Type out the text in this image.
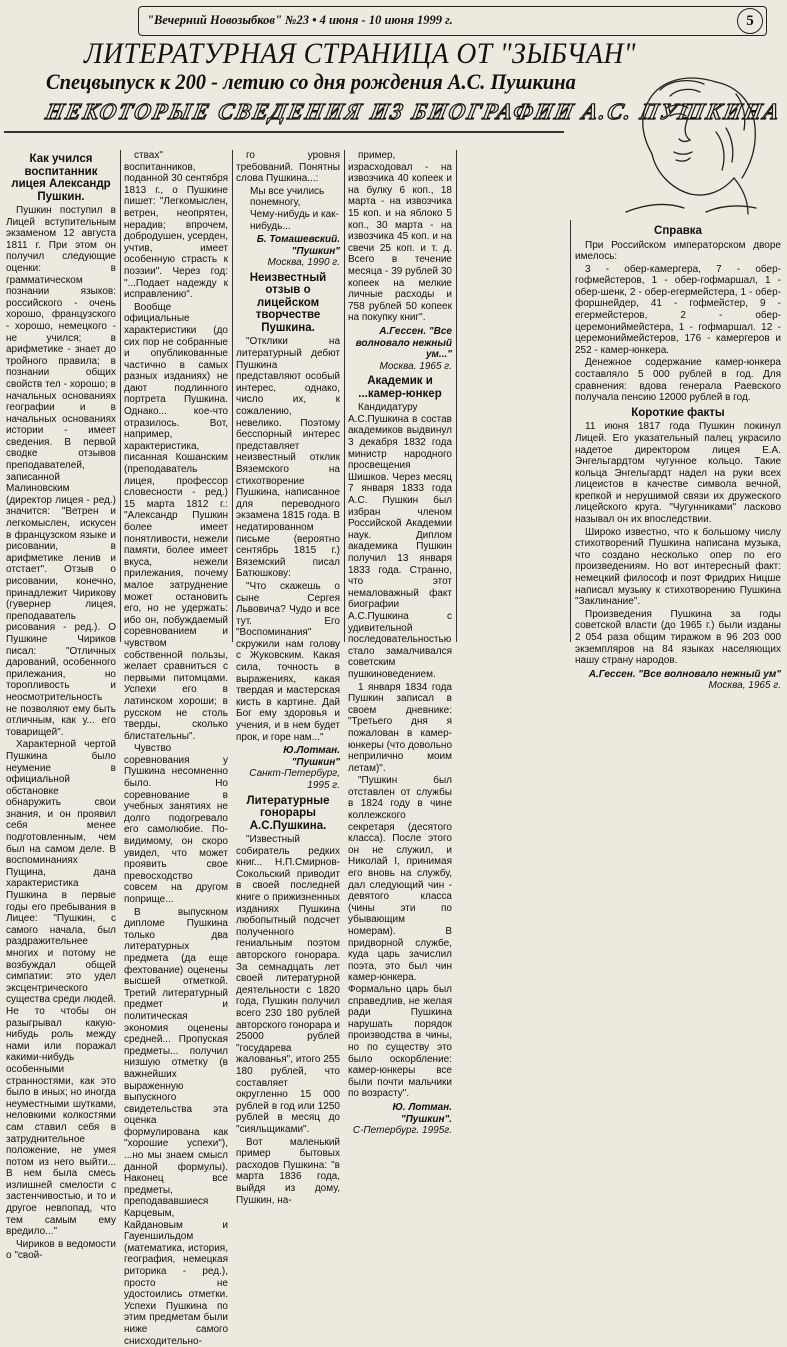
"Вечерний Новозыбков" №23 • 4 июня - 10 июня 1999 г.	5
ЛИТЕРАТУРНАЯ СТРАНИЦА ОТ "ЗЫБЧАН"
Спецвыпуск к 200 - летию со дня рождения А.С. Пушкина
НЕКОТОРЫЕ СВЕДЕНИЯ ИЗ БИОГРАФИИ А.С. ПУШКИНА
Как учился воспитанник лицея Александр Пушкин.

Пушкин поступил в Лицей вступительным экзаменом 12 августа 1811 г. При этом он получил следующие оценки: в грамматическом познании языков: российского - очень хорошо, французского - хорошо, немецкого - не учился; в арифметике - знает до тройного правила; в познании общих свойств тел - хорошо; в начальных основаниях географии и в начальных основаниях истории - имеет сведения. В первой сводке отзывов преподавателей, записанной Малиновским (директор лицея - ред.) значится: "Ветрен и легкомыслен, искусен в французском языке и рисовании, в арифметике ленив и отстает". Отзыв о рисовании, конечно, принадлежит Чирикову (гувернер лицея, преподаватель рисования - ред.). О Пушкине Чириков писал: "Отличных дарований, особенного прилежания, но торопливость и неосмотрительность не позволяют ему быть отличным, как у... его товарищей".

Характерной чертой Пушкина было неумение в официальной обстановке обнаружить свои знания, и он проявил себя менее подготовленным, чем был на самом деле. В воспоминаниях Пущина, дана характеристика Пушкина в первые годы его пребывания в Лицее: "Пушкин, с самого начала, был раздражительнее многих и потому не возбуждал общей симпатии: это удел эксцентрического существа среди людей. Не то чтобы он разыгрывал какую-нибудь роль между нами или поражал какими-нибудь особенными странностями, как это было в иных; но иногда неуместными шутками, неловкими колкостями сам ставил себя в затруднительное положение, не умея потом из него выйти... В нем была смесь излишней смелости с застенчивостью, и то и другое невпопад, что тем самым ему вредило..."

Чириков в ведомости о "свой-

ствах" воспитанников, поданной 30 сентября 1813 г., о Пушкине пишет: "Легкомыслен, ветрен, неопрятен, нерадив; впрочем, добродушен, усерден, учтив, имеет особенную страсть к поэзии". Через год: "...Подает надежду к исправлению".

Вообще официальные характеристики (до сих пор не собранные и опубликованные частично в самых разных изданиях) не дают подлинного портрета Пушкина. Однако... кое-что отразилось. Вот, например, характеристика, писанная Кошанским (преподаватель лицея, профессор словесности - ред.) 15 марта 1812 г.: "Александр Пушкин более имеет понятливости, нежели памяти, более имеет вкуса, нежели прилежания, почему малое затруднение может остановить его, но не удержать: ибо он, побуждаемый соревнованием и чувством собственной пользы, желает сравниться с первыми питомцами. Успехи его в латинском хороши; в русском не столь тверды, сколько блистательны".

Чувство соревнования у Пушкина несомненно было. Но соревнование в учебных занятиях не долго подогревало его самолюбие. По-видимому, он скоро увидел, что может проявить свое превосходство совсем на другом поприще...

В выпускном дипломе Пушкина только два литературных предмета (да еще фехтование) оценены высшей отметкой. Третий литературный предмет и политическая экономия оценены средней... Пропуская предметы... получил низшую отметку (в важнейших выраженную выпускного свидетельства эта оценка формулирована как "хорошие успехи"), ...но мы знаем смысл данной формулы). Наконец все предметы, преподававшиеся Карцевым, Кайдановым и Гауеншильдом (математика, история, география, немецкая риторика - ред.), просто не удостоились отметки. Успехи Пушкина по этим предметам были ниже самого снисходительно-

го уровня требований. Понятны слова Пушкина...:

Мы все учились понемногу,
Чему-нибудь и как-нибудь...
Б. Томашевский. "Пушкин"
Москва, 1990 г.
Неизвестный отзыв о лицейском творчестве Пушкина.

"Отклики на литературный дебют Пушкина представляют особый интерес, однако, число их, к сожалению, невелико. Поэтому бесспорный интерес представляет неизвестный отклик Вяземского на стихотворение Пушкина, написанное для переводного экзамена 1815 года. В недатированном письме (вероятно сентябрь 1815 г.) Вяземский писал Батюшкову:

"Что скажешь о сыне Сергея Львовича? Чудо и все тут. Его "Воспоминания" скружили нам голову с Жуковским. Какая сила, точность в выражениях, какая твердая и мастерская кисть в картине. Дай Бог ему здоровья и учения, и в нем будет прок, и горе нам..."

Ю.Лотман. "Пушкин"
Санкт-Петербург, 1995 г.
Литературные гонорары А.С.Пушкина.

"Известный собиратель редких книг... Н.П.Смирнов-Сокольский приводит в своей последней книге о прижизненных изданиях Пушкина любопытный подсчет полученного гениальным поэтом авторского гонорара. За семнадцать лет своей литературной деятельности с 1820 года, Пушкин получил всего 230 180 рублей авторского гонорара и 25000 рублей "государева жалованья", итого 255 180 рублей, что составляет округленно 15 000 рублей в год или 1250 рублей в месяц до "сияльщиками".

Вот маленький пример бытовых расходов Пушкина: "в марта 1836 года, выйдя из дому, Пушкин, на-

пример, израсходовал - на извозчика 40 копеек и на булку 6 коп., 18 марта - на извозчика 15 коп. и на яблоко 5 коп., 30 марта - на извозчика 45 коп. и на свечи 25 коп. и т. д. Всего в течение месяца - 39 рублей 30 копеек на мелкие личные расходы и 758 рублей 50 копеек на покупку книг".

А.Гессен. "Все волновало нежный ум..."
Москва. 1965 г.
Академик и ...камер-юнкер

Кандидатуру А.С.Пушкина в состав академиков выдвинул 3 декабря 1832 года министр народного просвещения Шишков. Через месяц 7 января 1833 года А.С. Пушкин был избран членом Российской Академии наук. Диплом академика Пушкин получил 13 января 1833 года. Странно, что этот немаловажный факт биографии А.С.Пушкина с удивительной последовательностью стало замалчивался советским пушкиноведением.

1 января 1834 года Пушкин записал в своем дневнике: "Третьего дня я пожалован в камер-юнкеры (что довольно неприлично моим летам)".

"Пушкин был отставлен от службы в 1824 году в чине коллежского секретаря (десятого класса). После этого он не служил, и Николай I, принимая его вновь на службу, дал следующий чин - девятого класса (чины эти по убывающим номерам). В придворной службе, куда царь зачислил поэта, это был чин камер-юнкера. Формально царь был справедлив, не желая ради Пушкина нарушать порядок производства в чины, но по существу это было оскорбление: камер-юнкеры все были почти мальчики по возрасту".

Ю. Лотман. "Пушкин".
С-Петербург. 1995г.
Справка

При Российском императорском дворе имелось:

3 - обер-камергера, 7 - обер-гофмейстеров, 1 - обер-гофмаршал, 1 - обер-шенк, 2 - обер-егермейстера, 1 - обер-форшнейдер, 41 - гофмейстер, 9 - егермейстеров, 2 - обер-церемониймейстера, 1 - гофмаршал. 12 - церемониймейстеров, 176 - камергеров и 252 - камер-юнкера.

Денежное содержание камер-юнкера составляло 5 000 рублей в год. Для сравнения: вдова генерала Раевского получала пенсию 12000 рублей в год.

Короткие факты

11 июня 1817 года Пушкин покинул Лицей. Его указательный палец украсило надетое директором лицея Е.А. Энгельгардтом чугунное кольцо. Такие кольца Энгельгардт надел на руки всех лицеистов в качестве символа вечной, крепкой и нерушимой связи их дружеского лицейского круга. "Чугунниками" ласково называл он их впоследствии.

Широко известно, что к большому числу стихотворений Пушкина написана музыка, что создано несколько опер по его произведениям. Но вот интересный факт: немецкий философ и поэт Фридрих Ницше написал музыку к стихотворению Пушкина "Заклинание".

Произведения Пушкина за годы советской власти (до 1965 г.) были изданы 2 054 раза общим тиражом в 96 203 000 экземпляров на 84 языках населяющих нашу страну народов.

А.Гессен. "Все волновало нежный ум"
Москва, 1965 г.
